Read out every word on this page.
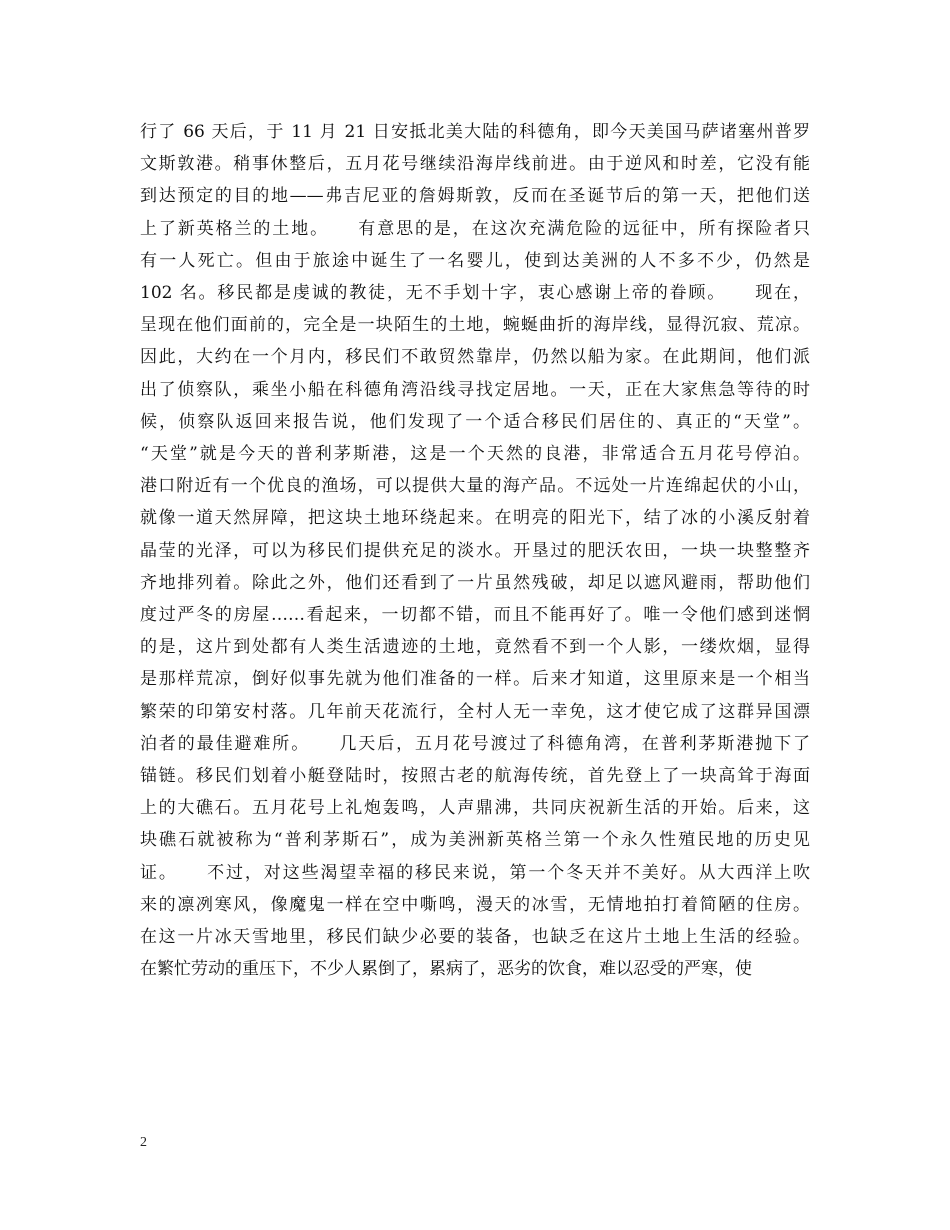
行了 66 天后，于 11 月 21 日安抵北美大陆的科德角，即今天美国马萨诸塞州普罗
文斯敦港。稍事休整后，五月花号继续沿海岸线前进。由于逆风和时差，它没有能
到达预定的目的地——弗吉尼亚的詹姆斯敦，反而在圣诞节后的第一天，把他们送
上了新英格兰的土地。　　有意思的是，在这次充满危险的远征中，所有探险者只
有一人死亡。但由于旅途中诞生了一名婴儿，使到达美洲的人不多不少，仍然是
102 名。移民都是虔诚的教徒，无不手划十字，衷心感谢上帝的眷顾。　　现在，
呈现在他们面前的，完全是一块陌生的土地，蜿蜒曲折的海岸线，显得沉寂、荒凉。
因此，大约在一个月内，移民们不敢贸然靠岸，仍然以船为家。在此期间，他们派
出了侦察队，乘坐小船在科德角湾沿线寻找定居地。一天，正在大家焦急等待的时
候，侦察队返回来报告说，他们发现了一个适合移民们居住的、真正的“天堂”。
“天堂”就是今天的普利茅斯港，这是一个天然的良港，非常适合五月花号停泊。
港口附近有一个优良的渔场，可以提供大量的海产品。不远处一片连绵起伏的小山，
就像一道天然屏障，把这块土地环绕起来。在明亮的阳光下，结了冰的小溪反射着
晶莹的光泽，可以为移民们提供充足的淡水。开垦过的肥沃农田，一块一块整整齐
齐地排列着。除此之外，他们还看到了一片虽然残破，却足以遮风避雨，帮助他们
度过严冬的房屋……看起来，一切都不错，而且不能再好了。唯一令他们感到迷惘
的是，这片到处都有人类生活遗迹的土地，竟然看不到一个人影，一缕炊烟，显得
是那样荒凉，倒好似事先就为他们准备的一样。后来才知道，这里原来是一个相当
繁荣的印第安村落。几年前天花流行，全村人无一幸免，这才使它成了这群异国漂
泊者的最佳避难所。　　几天后，五月花号渡过了科德角湾，在普利茅斯港抛下了
锚链。移民们划着小艇登陆时，按照古老的航海传统，首先登上了一块高耸于海面
上的大礁石。五月花号上礼炮轰鸣，人声鼎沸，共同庆祝新生活的开始。后来，这
块礁石就被称为“普利茅斯石”，成为美洲新英格兰第一个永久性殖民地的历史见
证。　　不过，对这些渴望幸福的移民来说，第一个冬天并不美好。从大西洋上吹
来的凛冽寒风，像魔鬼一样在空中嘶鸣，漫天的冰雪，无情地拍打着简陋的住房。
在这一片冰天雪地里，移民们缺少必要的装备，也缺乏在这片土地上生活的经验。
在繁忙劳动的重压下，不少人累倒了，累病了，恶劣的饮食，难以忍受的严寒，使
2
